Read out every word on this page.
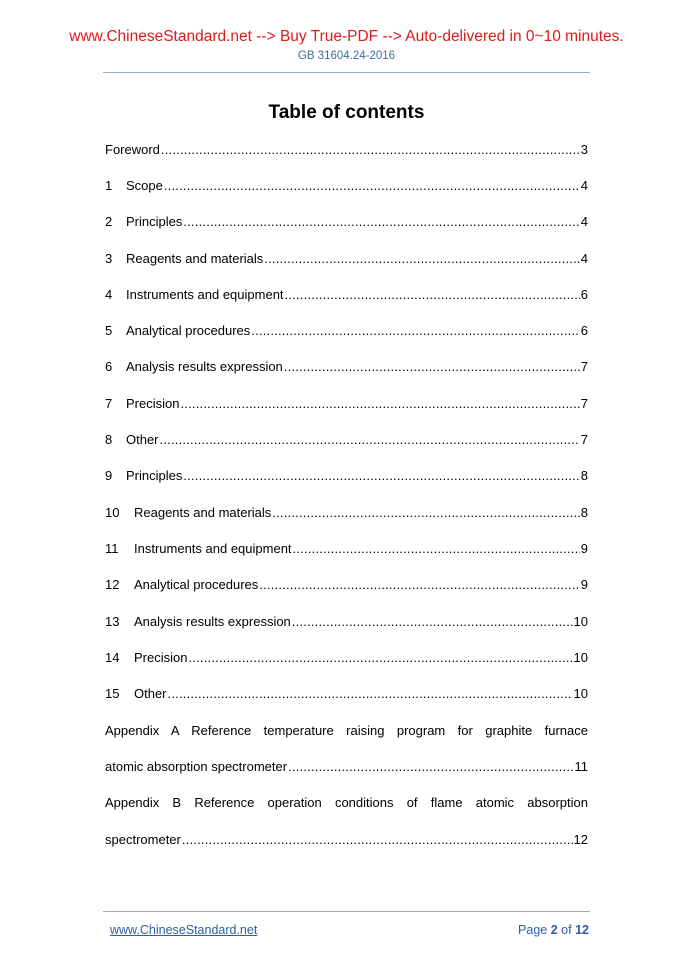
www.ChineseStandard.net --> Buy True-PDF --> Auto-delivered in 0~10 minutes.
GB 31604.24-2016
Table of contents
Foreword .....	3
1	Scope .....	4
2	Principles .....	4
3	Reagents and materials .....	4
4	Instruments and equipment .....	6
5	Analytical procedures .....	6
6	Analysis results expression .....	7
7	Precision .....	7
8	Other .....	7
9	Principles .....	8
10	Reagents and materials .....	8
11	Instruments and equipment .....	9
12	Analytical procedures .....	9
13	Analysis results expression .....	10
14	Precision .....	10
15	Other .....	10
Appendix A Reference temperature raising program for graphite furnace
atomic absorption spectrometer .....	11
Appendix B Reference operation conditions of flame atomic absorption
spectrometer .....	12
www.ChineseStandard.net	Page 2 of 12
